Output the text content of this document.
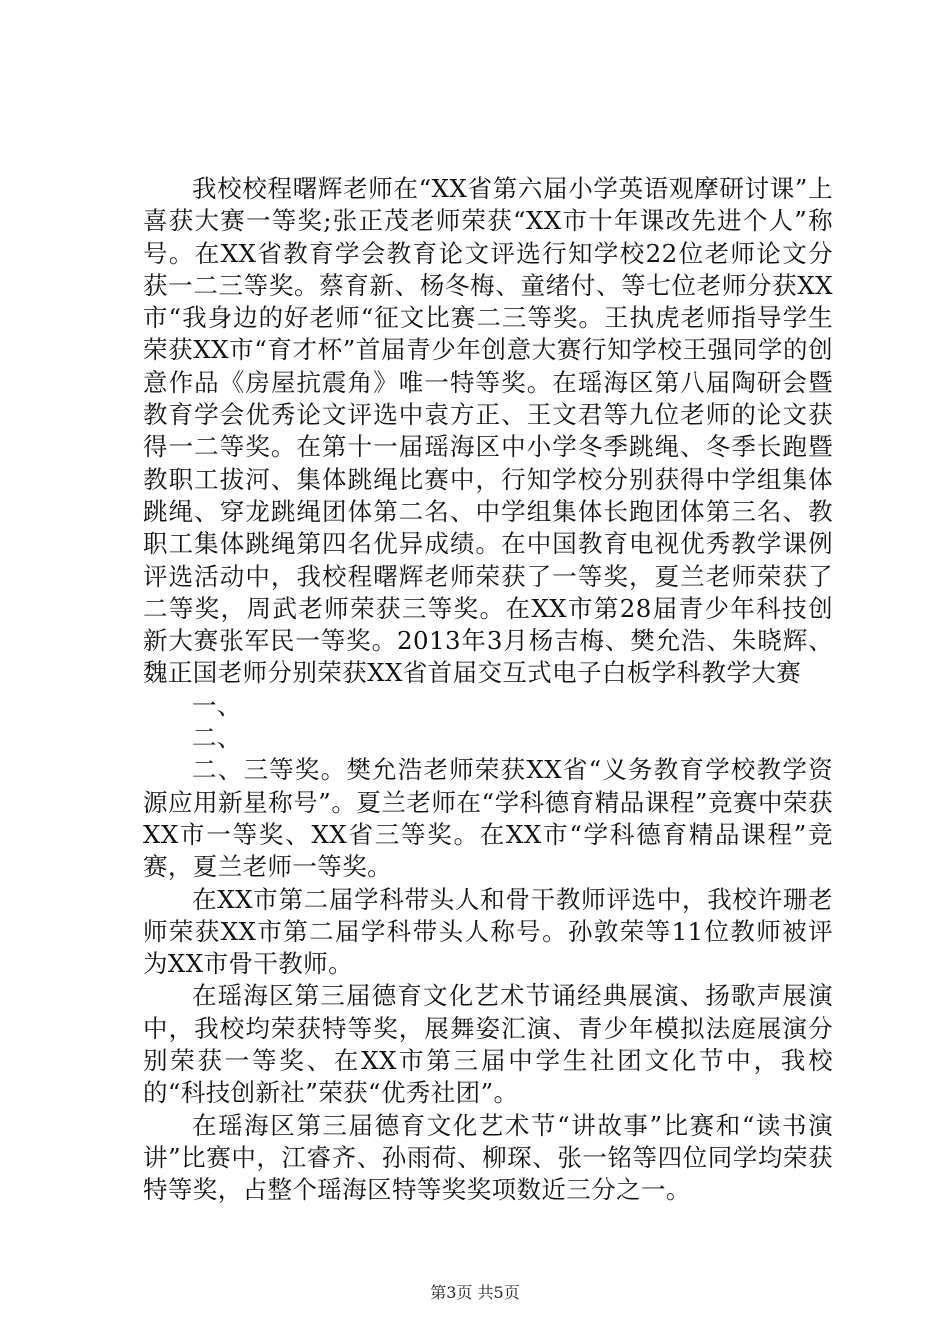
我校校程曙辉老师在“XX省第六届小学英语观摩研讨课”上喜获大赛一等奖;张正茂老师荣获“XX市十年课改先进个人”称号。在XX省教育学会教育论文评选行知学校22位老师论文分获一二三等奖。蔡育新、杨冬梅、童绪付、等七位老师分获XX市“我身边的好老师“征文比赛二三等奖。王执虎老师指导学生荣获XX市“育才杯”首届青少年创意大赛行知学校王强同学的创意作品《房屋抗震角》唯一特等奖。在瑶海区第八届陶研会暨教育学会优秀论文评选中袁方正、王文君等九位老师的论文获得一二等奖。在第十一届瑶海区中小学冬季跳绳、冬季长跑暨教职工拔河、集体跳绳比赛中，行知学校分别获得中学组集体跳绳、穿龙跳绳团体第二名、中学组集体长跑团体第三名、教职工集体跳绳第四名优异成绩。在中国教育电视优秀教学课例评选活动中，我校程曙辉老师荣获了一等奖，夏兰老师荣获了二等奖，周武老师荣获三等奖。在XX市第28届青少年科技创新大赛张军民一等奖。2013年3月杨吉梅、樊允浩、朱晓辉、魏正国老师分别荣获XX省首届交互式电子白板学科教学大赛

一、

二、

二、三等奖。樊允浩老师荣获XX省“义务教育学校教学资源应用新星称号”。夏兰老师在“学科德育精品课程”竞赛中荣获XX市一等奖、XX省三等奖。在XX市“学科德育精品课程”竞赛，夏兰老师一等奖。

在XX市第二届学科带头人和骨干教师评选中，我校许珊老师荣获XX市第二届学科带头人称号。孙敦荣等11位教师被评为XX市骨干教师。

在瑶海区第三届德育文化艺术节诵经典展演、扬歌声展演中，我校均荣获特等奖，展舞姿汇演、青少年模拟法庭展演分别荣获一等奖、在XX市第三届中学生社团文化节中，我校的“科技创新社”荣获“优秀社团”。

在瑶海区第三届德育文化艺术节“讲故事”比赛和“读书演讲”比赛中，江睿齐、孙雨荷、柳琛、张一铭等四位同学均荣获特等奖，占整个瑶海区特等奖奖项数近三分之一。

第3页 共5页
